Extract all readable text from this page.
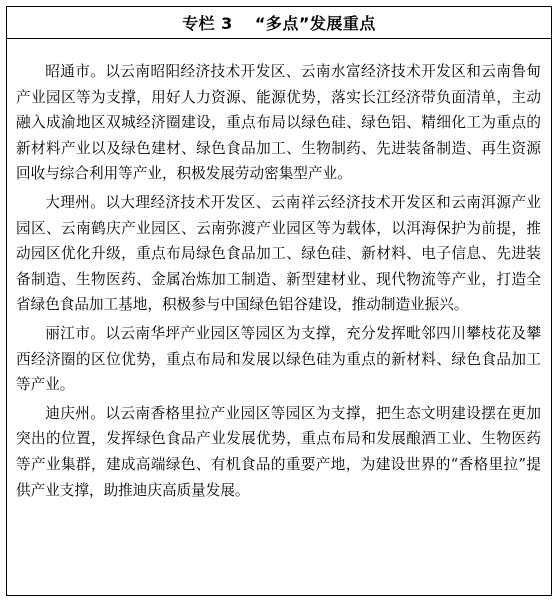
专栏 3 “多点”发展重点

昭通市。以云南昭阳经济技术开发区、云南水富经济技术开发区和云南鲁甸产业园区等为支撑，用好人力资源、能源优势，落实长江经济带负面清单，主动融入成渝地区双城经济圈建设，重点布局以绿色硅、绿色铝、精细化工为重点的新材料产业以及绿色建材、绿色食品加工、生物制药、先进装备制造、再生资源回收与综合利用等产业，积极发展劳动密集型产业。

大理州。以大理经济技术开发区、云南祥云经济技术开发区和云南洱源产业园区、云南鹤庆产业园区、云南弥渡产业园区等为载体，以洱海保护为前提，推动园区优化升级，重点布局绿色食品加工、绿色硅、新材料、电子信息、先进装备制造、生物医药、金属冶炼加工制造、新型建材业、现代物流等产业，打造全省绿色食品加工基地，积极参与中国绿色铝谷建设，推动制造业振兴。

丽江市。以云南华坪产业园区等园区为支撑，充分发挥毗邻四川攀枝花及攀西经济圈的区位优势，重点布局和发展以绿色硅为重点的新材料、绿色食品加工等产业。

迪庆州。以云南香格里拉产业园区等园区为支撑，把生态文明建设摆在更加突出的位置，发挥绿色食品产业发展优势，重点布局和发展酿酒工业、生物医药等产业集群，建成高端绿色、有机食品的重要产地，为建设世界的“香格里拉”提供产业支撑，助推迪庆高质量发展。
